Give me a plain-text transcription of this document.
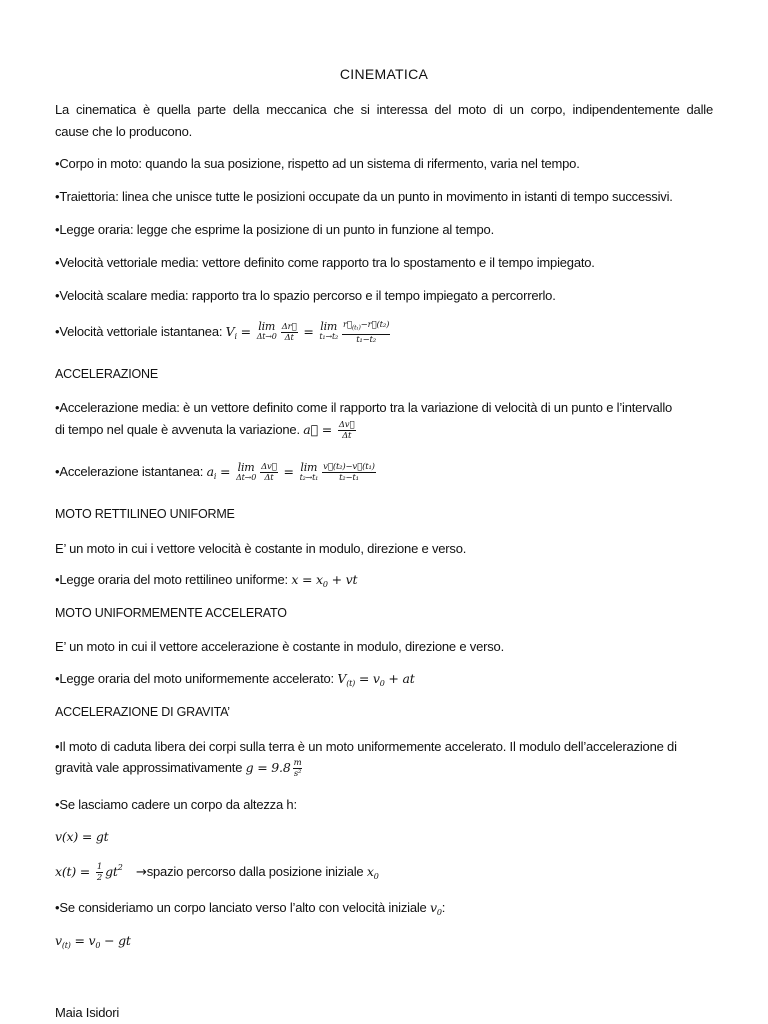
CINEMATICA
La cinematica è quella parte della meccanica che si interessa del moto di un corpo, indipendentemente dalle
cause che lo producono.
•Corpo in moto: quando la sua posizione, rispetto ad un sistema di rifermento, varia nel tempo.
•Traiettoria: linea che unisce tutte le posizioni occupate da un punto in movimento in istanti di tempo successivi.
•Legge oraria: legge che esprime la posizione di un punto in funzione al tempo.
•Velocità vettoriale media: vettore definito come rapporto tra lo spostamento e il tempo impiegato.
•Velocità scalare media: rapporto tra lo spazio percorso e il tempo impiegato a percorrerlo.
•Velocità vettoriale istantanea: $V_i = \lim$
$\Delta t\to 0 \frac{\Delta r⃗}{\Delta t} = \lim$
$t_1\to t_2 \frac{r⃗_{(t_1)}-r⃗(t_2)}{\text{t₁−t₂}}$
ACCELERAZIONE
•Accelerazione media: è un vettore definito come il rapporto tra la variazione di velocità di un punto e l’intervallo
di tempo nel quale è avvenuta la variazione. a⃗ = $\frac{\Delta v⃗}{\Delta t}$
•Accelerazione istantanea: $a_i = \lim$
$\Delta t\to 0 \frac{\Delta v⃗}{\Delta t} = \lim$
$t_2\to t_1 \frac{\text{v⃗(t₂)−v⃗(t₁)}}{\text{t₂−t₁}}$
MOTO RETTILINEO UNIFORME
E’ un moto in cui i vettore velocità è costante in modulo, direzione e verso.
•Legge oraria del moto rettilineo uniforme: $x = x_0$ + vt
MOTO UNIFORMEMENTE ACCELERATO
E’ un moto in cui il vettore accelerazione è costante in modulo, direzione e verso.
•Legge oraria del moto uniformemente accelerato: $V_{(t)} = v_0$ + at
ACCELERAZIONE DI GRAVITA’
•Il moto di caduta libera dei corpi sulla terra è un moto uniformemente accelerato. Il modulo dell’accelerazione di
gravità vale approssimativamente $g = 9.8 \frac{m}{\text{s²}}$
•Se lasciamo cadere un corpo da altezza h:
v(x) = gt
$x(t) = \frac{1}{2} gt^2$ →spazio percorso dalla posizione iniziale $x_0$
•Se consideriamo un corpo lanciato verso l’alto con velocità iniziale $v_0$:
$v_{(t)} = v_0$ − gt
Maia Isidori
